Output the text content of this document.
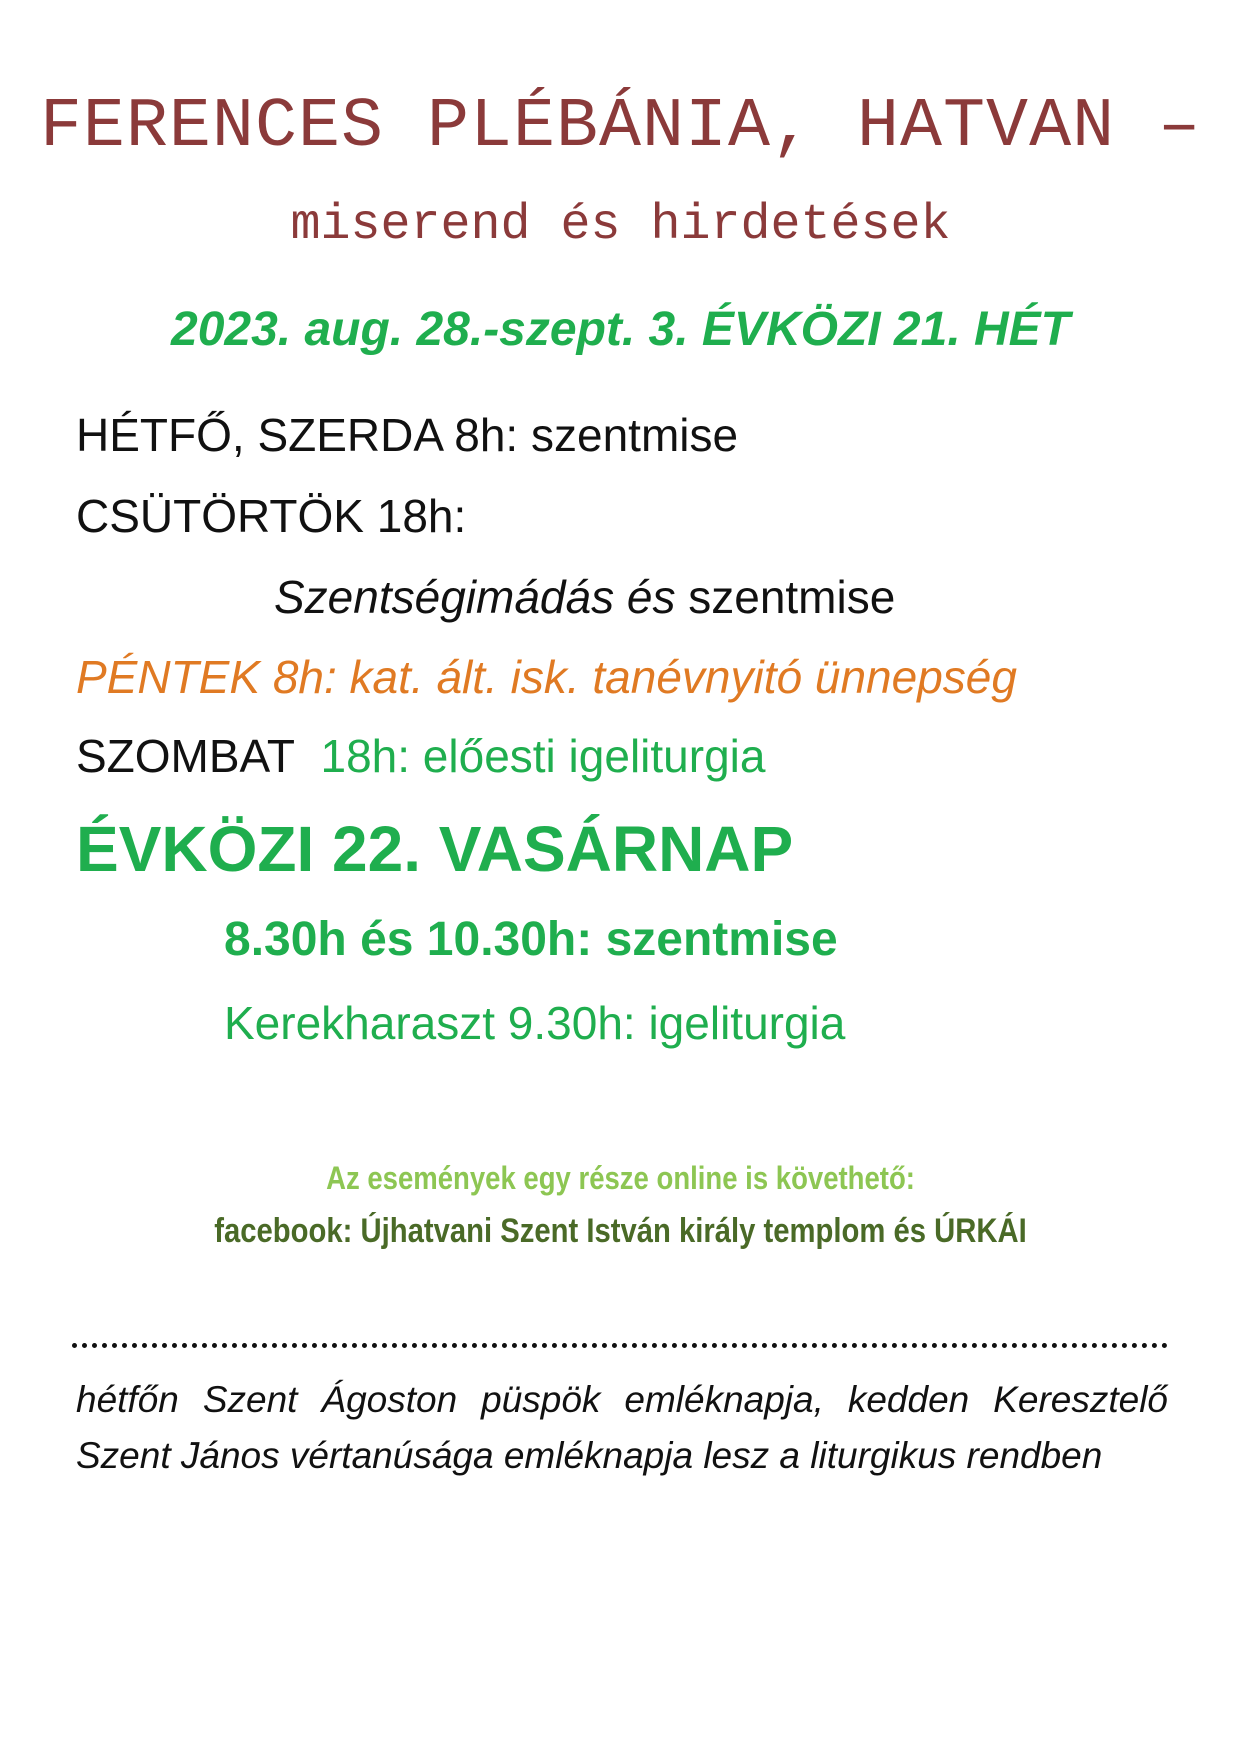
FERENCES PLÉBÁNIA, HATVAN –
miserend és hirdetések
2023. aug. 28.-szept. 3. ÉVKÖZI 21. HÉT
HÉTFŐ, SZERDA 8h: szentmise
CSÜTÖRTÖK 18h:
Szentségimádás és szentmise
PÉNTEK 8h: kat. ált. isk. tanévnyitó ünnepség
SZOMBAT 18h: előesti igeliturgia
ÉVKÖZI 22. VASÁRNAP
8.30h és 10.30h: szentmise
Kerekharaszt 9.30h: igeliturgia
Az események egy része online is követhető:
facebook: Újhatvani Szent István király templom és ÚRKÁI

hétfőn Szent Ágoston püspök emléknapja, kedden Keresztelő Szent János vértanúsága emléknapja lesz a liturgikus rendben
